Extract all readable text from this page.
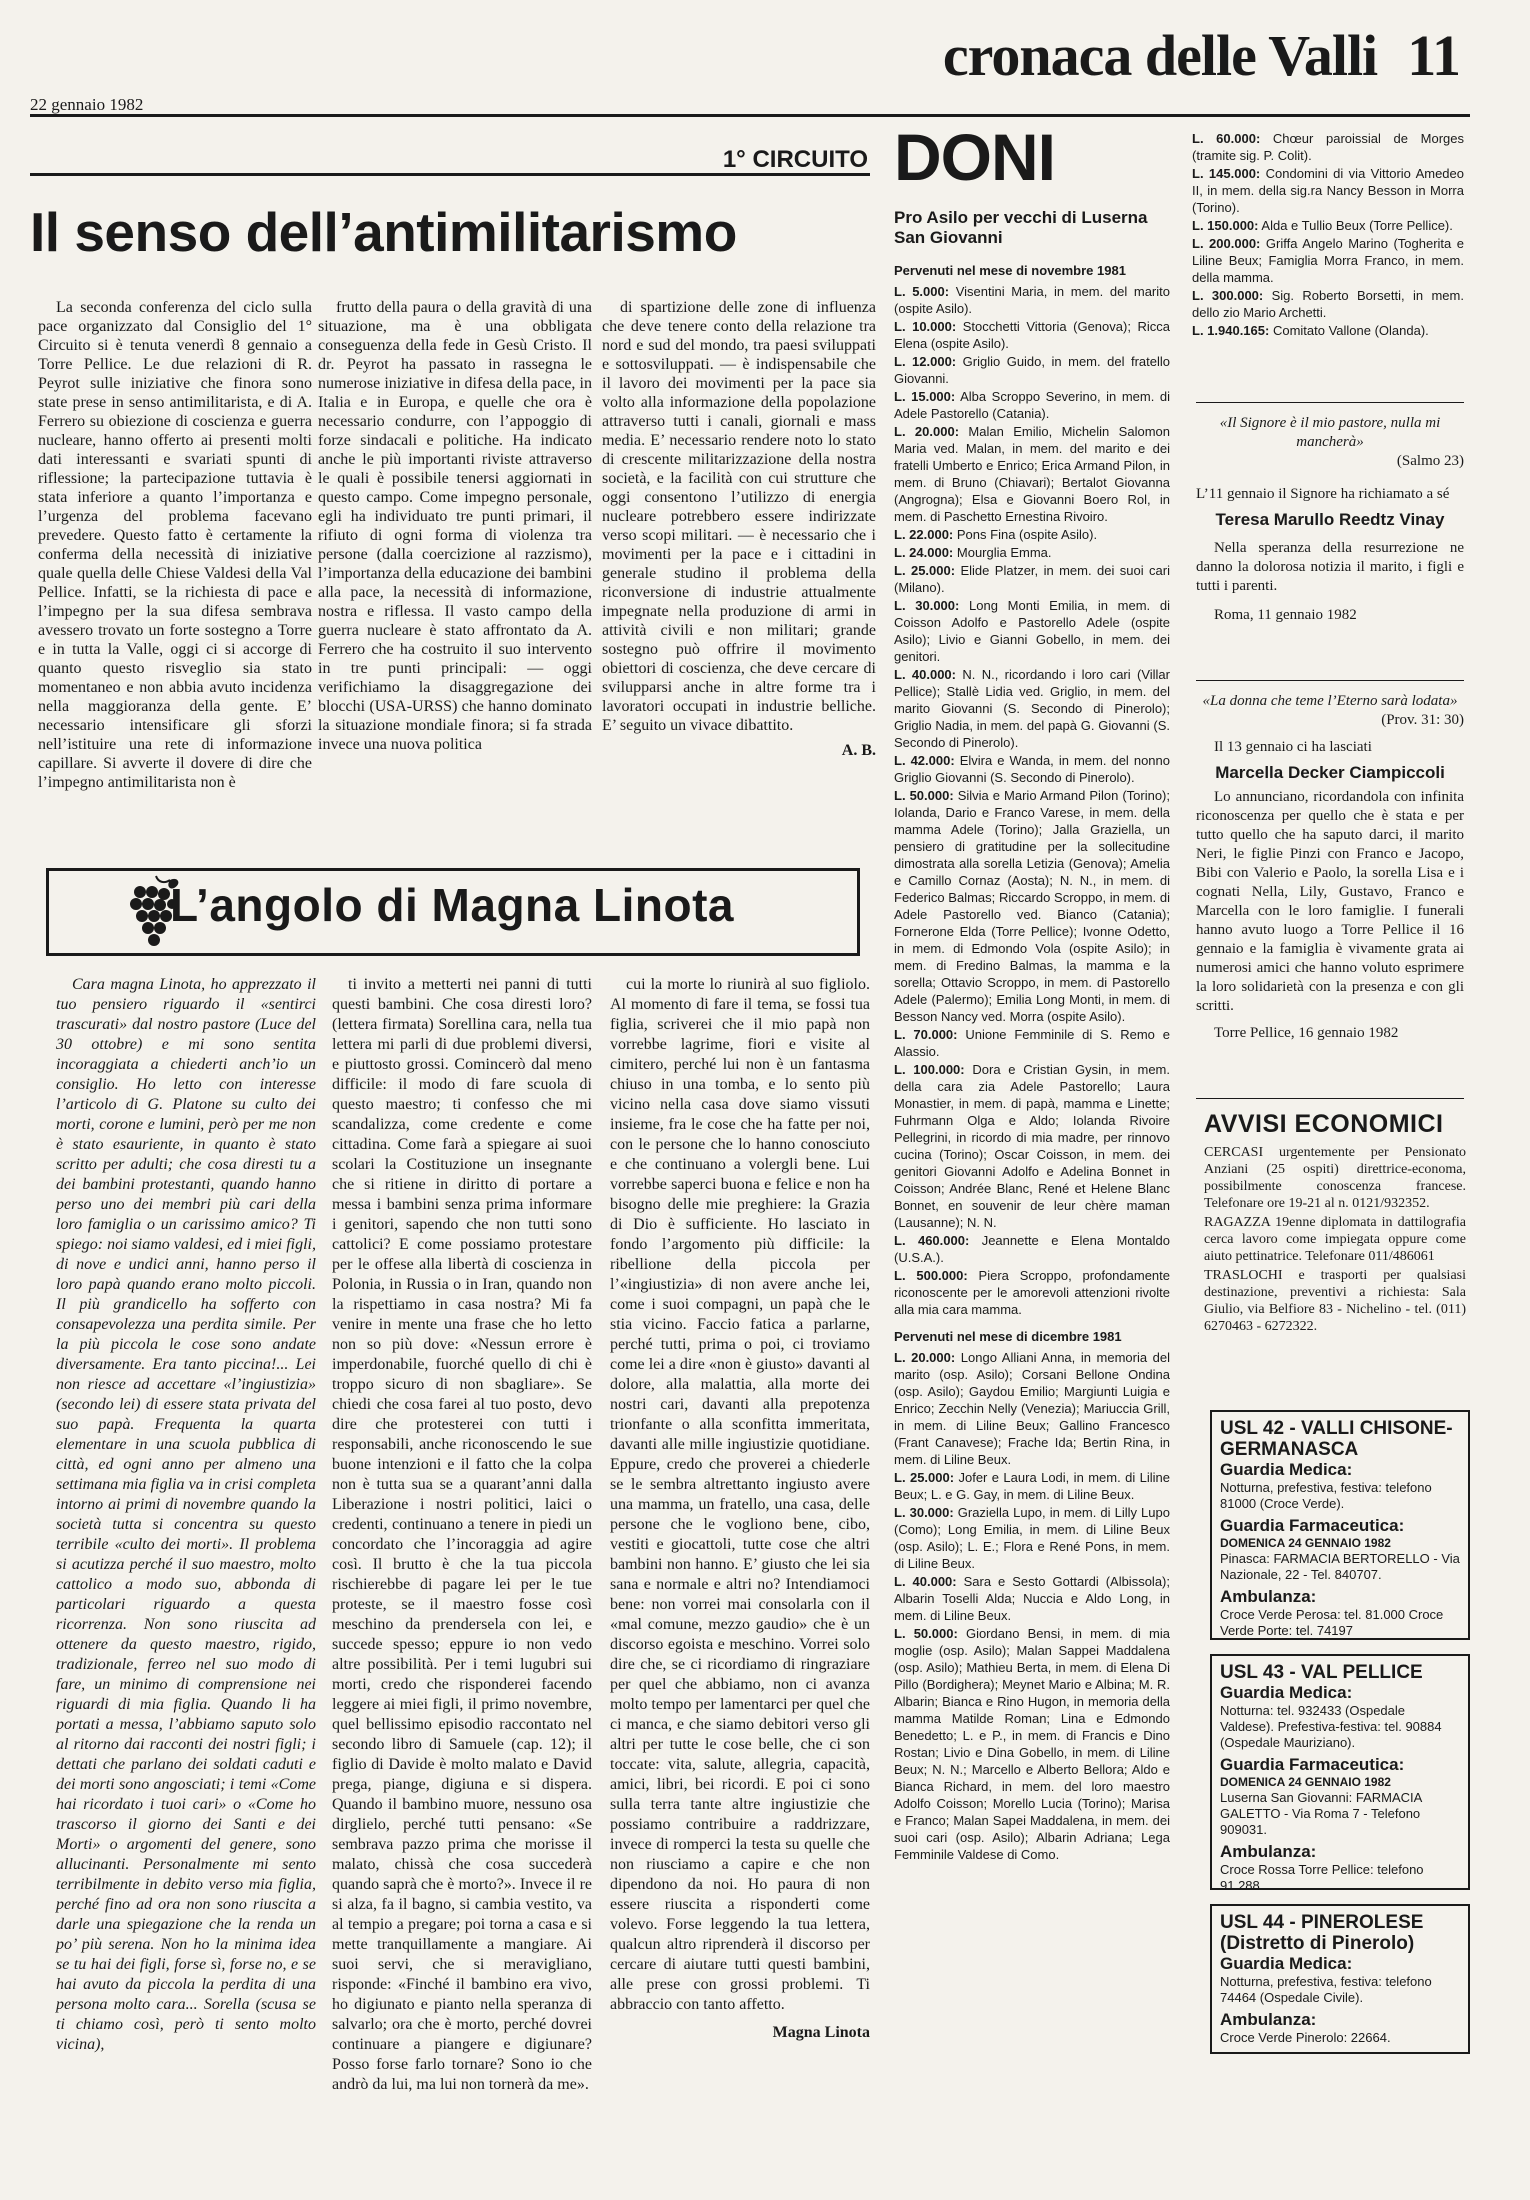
cronaca delle Valli 11
22 gennaio 1982
1° CIRCUITO
Il senso dell’antimilitarismo

La seconda conferenza del ciclo sulla pace organizzato dal Consiglio del 1° Circuito si è tenuta venerdì 8 gennaio a Torre Pellice. Le due relazioni di R. Peyrot sulle iniziative che finora sono state prese in senso antimilitarista, e di A. Ferrero su obiezione di coscienza e guerra nucleare, hanno offerto ai presenti molti dati interessanti e svariati spunti di riflessione; la partecipazione tuttavia è stata inferiore a quanto l’importanza e l’urgenza del problema facevano prevedere. Questo fatto è certamente la conferma della necessità di iniziative quale quella delle Chiese Valdesi della Val Pellice. Infatti, se la richiesta di pace e l’impegno per la sua difesa sembrava avessero trovato un forte sostegno a Torre e in tutta la Valle, oggi ci si accorge di quanto questo risveglio sia stato momentaneo e non abbia avuto incidenza nella maggioranza della gente. E’ necessario intensificare gli sforzi nell’istituire una rete di informazione capillare. Si avverte il dovere di dire che l’impegno antimilitarista non è

frutto della paura o della gravità di una situazione, ma è una obbligata conseguenza della fede in Gesù Cristo. Il dr. Peyrot ha passato in rassegna le numerose iniziative in difesa della pace, in Italia e in Europa, e quelle che ora è necessario condurre, con l’appoggio di forze sindacali e politiche. Ha indicato anche le più importanti riviste attraverso le quali è possibile tenersi aggiornati in questo campo. Come impegno personale, egli ha individuato tre punti primari, il rifiuto di ogni forma di violenza tra persone (dalla coercizione al razzismo), l’importanza della educazione dei bambini alla pace, la necessità di informazione, nostra e riflessa. Il vasto campo della guerra nucleare è stato affrontato da A. Ferrero che ha costruito il suo intervento in tre punti principali: — oggi verifichiamo la disaggregazione dei blocchi (USA-URSS) che hanno dominato la situazione mondiale finora; si fa strada invece una nuova politica

di spartizione delle zone di influenza che deve tenere conto della relazione tra nord e sud del mondo, tra paesi sviluppati e sottosviluppati. — è indispensabile che il lavoro dei movimenti per la pace sia volto alla informazione della popolazione attraverso tutti i canali, giornali e mass media. E’ necessario rendere noto lo stato di crescente militarizzazione della nostra società, e la facilità con cui strutture che oggi consentono l’utilizzo di energia nucleare potrebbero essere indirizzate verso scopi militari. — è necessario che i movimenti per la pace e i cittadini in generale studino il problema della riconversione di industrie attualmente impegnate nella produzione di armi in attività civili e non militari; grande sostegno può offrire il movimento obiettori di coscienza, che deve cercare di svilupparsi anche in altre forme tra i lavoratori occupati in industrie belliche. E’ seguito un vivace dibattito.

A. B.
L’angolo di Magna Linota

Cara magna Linota, ho apprezzato il tuo pensiero riguardo il «sentirci trascurati» dal nostro pastore (Luce del 30 ottobre) e mi sono sentita incoraggiata a chiederti anch’io un consiglio. Ho letto con interesse l’articolo di G. Platone su culto dei morti, corone e lumini, però per me non è stato esauriente, in quanto è stato scritto per adulti; che cosa diresti tu a dei bambini protestanti, quando hanno perso uno dei membri più cari della loro famiglia o un carissimo amico? Ti spiego: noi siamo valdesi, ed i miei figli, di nove e undici anni, hanno perso il loro papà quando erano molto piccoli. Il più grandicello ha sofferto con consapevolezza una perdita simile. Per la più piccola le cose sono andate diversamente. Era tanto piccina!... Lei non riesce ad accettare «l’ingiustizia» (secondo lei) di essere stata privata del suo papà. Frequenta la quarta elementare in una scuola pubblica di città, ed ogni anno per almeno una settimana mia figlia va in crisi completa intorno ai primi di novembre quando la società tutta si concentra su questo terribile «culto dei morti». Il problema si acutizza perché il suo maestro, molto cattolico a modo suo, abbonda di particolari riguardo a questa ricorrenza. Non sono riuscita ad ottenere da questo maestro, rigido, tradizionale, ferreo nel suo modo di fare, un minimo di comprensione nei riguardi di mia figlia. Quando li ha portati a messa, l’abbiamo saputo solo al ritorno dai racconti dei nostri figli; i dettati che parlano dei soldati caduti e dei morti sono angosciati; i temi «Come hai ricordato i tuoi cari» o «Come ho trascorso il giorno dei Santi e dei Morti» o argomenti del genere, sono allucinanti. Personalmente mi sento terribilmente in debito verso mia figlia, perché fino ad ora non sono riuscita a darle una spiegazione che la renda un po’ più serena. Non ho la minima idea se tu hai dei figli, forse sì, forse no, e se hai avuto da piccola la perdita di una persona molto cara... Sorella (scusa se ti chiamo così, però ti sento molto vicina),

ti invito a metterti nei panni di tutti questi bambini. Che cosa diresti loro? (lettera firmata) Sorellina cara, nella tua lettera mi parli di due problemi diversi, e piuttosto grossi. Comincerò dal meno difficile: il modo di fare scuola di questo maestro; ti confesso che mi scandalizza, come credente e come cittadina. Come farà a spiegare ai suoi scolari la Costituzione un insegnante che si ritiene in diritto di portare a messa i bambini senza prima informare i genitori, sapendo che non tutti sono cattolici? E come possiamo protestare per le offese alla libertà di coscienza in Polonia, in Russia o in Iran, quando non la rispettiamo in casa nostra? Mi fa venire in mente una frase che ho letto non so più dove: «Nessun errore è imperdonabile, fuorché quello di chi è troppo sicuro di non sbagliare». Se chiedi che cosa farei al tuo posto, devo dire che protesterei con tutti i responsabili, anche riconoscendo le sue buone intenzioni e il fatto che la colpa non è tutta sua se a quarant’anni dalla Liberazione i nostri politici, laici o credenti, continuano a tenere in piedi un concordato che l’incoraggia ad agire così. Il brutto è che la tua piccola rischierebbe di pagare lei per le tue proteste, se il maestro fosse così meschino da prendersela con lei, e succede spesso; eppure io non vedo altre possibilità. Per i temi lugubri sui morti, credo che risponderei facendo leggere ai miei figli, il primo novembre, quel bellissimo episodio raccontato nel secondo libro di Samuele (cap. 12); il figlio di Davide è molto malato e David prega, piange, digiuna e si dispera. Quando il bambino muore, nessuno osa dirglielo, perché tutti pensano: «Se sembrava pazzo prima che morisse il malato, chissà che cosa succederà quando saprà che è morto?». Invece il re si alza, fa il bagno, si cambia vestito, va al tempio a pregare; poi torna a casa e si mette tranquillamente a mangiare. Ai suoi servi, che si meravigliano, risponde: «Finché il bambino era vivo, ho digiunato e pianto nella speranza di salvarlo; ora che è morto, perché dovrei continuare a piangere e digiunare? Posso forse farlo tornare? Sono io che andrò da lui, ma lui non tornerà da me».

cui la morte lo riunirà al suo figliolo. Al momento di fare il tema, se fossi tua figlia, scriverei che il mio papà non vorrebbe lagrime, fiori e visite al cimitero, perché lui non è un fantasma chiuso in una tomba, e lo sento più vicino nella casa dove siamo vissuti insieme, fra le cose che ha fatte per noi, con le persone che lo hanno conosciuto e che continuano a volergli bene. Lui vorrebbe saperci buona e felice e non ha bisogno delle mie preghiere: la Grazia di Dio è sufficiente. Ho lasciato in fondo l’argomento più difficile: la ribellione della piccola per l’«ingiustizia» di non avere anche lei, come i suoi compagni, un papà che le stia vicino. Faccio fatica a parlarne, perché tutti, prima o poi, ci troviamo come lei a dire «non è giusto» davanti al dolore, alla malattia, alla morte dei nostri cari, davanti alla prepotenza trionfante o alla sconfitta immeritata, davanti alle mille ingiustizie quotidiane. Eppure, credo che proverei a chiederle se le sembra altrettanto ingiusto avere una mamma, un fratello, una casa, delle persone che le vogliono bene, cibo, vestiti e giocattoli, tutte cose che altri bambini non hanno. E’ giusto che lei sia sana e normale e altri no? Intendiamoci bene: non vorrei mai consolarla con il «mal comune, mezzo gaudio» che è un discorso egoista e meschino. Vorrei solo dire che, se ci ricordiamo di ringraziare per quel che abbiamo, non ci avanza molto tempo per lamentarci per quel che ci manca, e che siamo debitori verso gli altri per tutte le cose belle, che ci son toccate: vita, salute, allegria, capacità, amici, libri, bei ricordi. E poi ci sono sulla terra tante altre ingiustizie che possiamo contribuire a raddrizzare, invece di romperci la testa su quelle che non riusciamo a capire e che non dipendono da noi. Ho paura di non essere riuscita a risponderti come volevo. Forse leggendo la tua lettera, qualcun altro riprenderà il discorso per cercare di aiutare tutti questi bambini, alle prese con grossi problemi. Ti abbraccio con tanto affetto.

Magna Linota
DONI
Pro Asilo per vecchi di Luserna San Giovanni
Pervenuti nel mese di novembre 1981
L. 5.000: Visentini Maria, in mem. del marito (ospite Asilo).
L. 10.000: Stocchetti Vittoria (Genova); Ricca Elena (ospite Asilo).
L. 12.000: Griglio Guido, in mem. del fratello Giovanni.
L. 15.000: Alba Scroppo Severino, in mem. di Adele Pastorello (Catania).
L. 20.000: Malan Emilio, Michelin Salomon Maria ved. Malan, in mem. del marito e dei fratelli Umberto e Enrico; Erica Armand Pilon, in mem. di Bruno (Chiavari); Bertalot Giovanna (Angrogna); Elsa e Giovanni Boero Rol, in mem. di Paschetto Ernestina Rivoiro.
L. 22.000: Pons Fina (ospite Asilo).
L. 24.000: Mourglia Emma.
L. 25.000: Elide Platzer, in mem. dei suoi cari (Milano).
L. 30.000: Long Monti Emilia, in mem. di Coisson Adolfo e Pastorello Adele (ospite Asilo); Livio e Gianni Gobello, in mem. dei genitori.
L. 40.000: N. N., ricordando i loro cari (Villar Pellice); Stallè Lidia ved. Griglio, in mem. del marito Giovanni (S. Secondo di Pinerolo); Griglio Nadia, in mem. del papà G. Giovanni (S. Secondo di Pinerolo).
L. 42.000: Elvira e Wanda, in mem. del nonno Griglio Giovanni (S. Secondo di Pinerolo).
L. 50.000: Silvia e Mario Armand Pilon (Torino); Iolanda, Dario e Franco Varese, in mem. della mamma Adele (Torino); Jalla Graziella, un pensiero di gratitudine per la sollecitudine dimostrata alla sorella Letizia (Genova); Amelia e Camillo Cornaz (Aosta); N. N., in mem. di Federico Balmas; Riccardo Scroppo, in mem. di Adele Pastorello ved. Bianco (Catania); Fornerone Elda (Torre Pellice); Ivonne Odetto, in mem. di Edmondo Vola (ospite Asilo); in mem. di Fredino Balmas, la mamma e la sorella; Ottavio Scroppo, in mem. di Pastorello Adele (Palermo); Emilia Long Monti, in mem. di Besson Nancy ved. Morra (ospite Asilo).
L. 70.000: Unione Femminile di S. Remo e Alassio.
L. 100.000: Dora e Cristian Gysin, in mem. della cara zia Adele Pastorello; Laura Monastier, in mem. di papà, mamma e Linette; Fuhrmann Olga e Aldo; Iolanda Rivoire Pellegrini, in ricordo di mia madre, per rinnovo cucina (Torino); Oscar Coisson, in mem. dei genitori Giovanni Adolfo e Adelina Bonnet in Coisson; Andrée Blanc, René et Helene Blanc Bonnet, en souvenir de leur chère maman (Lausanne); N. N.
L. 460.000: Jeannette e Elena Montaldo (U.S.A.).
L. 500.000: Piera Scroppo, profondamente riconoscente per le amorevoli attenzioni rivolte alla mia cara mamma.
Pervenuti nel mese di dicembre 1981
L. 20.000: Longo Alliani Anna, in memoria del marito (osp. Asilo); Corsani Bellone Ondina (osp. Asilo); Gaydou Emilio; Margiunti Luigia e Enrico; Zecchin Nelly (Venezia); Mariuccia Grill, in mem. di Liline Beux; Gallino Francesco (Frant Canavese); Frache Ida; Bertin Rina, in mem. di Liline Beux.
L. 25.000: Jofer e Laura Lodi, in mem. di Liline Beux; L. e G. Gay, in mem. di Liline Beux.
L. 30.000: Graziella Lupo, in mem. di Lilly Lupo (Como); Long Emilia, in mem. di Liline Beux (osp. Asilo); L. E.; Flora e René Pons, in mem. di Liline Beux.
L. 40.000: Sara e Sesto Gottardi (Albissola); Albarin Toselli Alda; Nuccia e Aldo Long, in mem. di Liline Beux.
L. 50.000: Giordano Bensi, in mem. di mia moglie (osp. Asilo); Malan Sappei Maddalena (osp. Asilo); Mathieu Berta, in mem. di Elena Di Pillo (Bordighera); Meynet Mario e Albina; M. R. Albarin; Bianca e Rino Hugon, in memoria della mamma Matilde Roman; Lina e Edmondo Benedetto; L. e P., in mem. di Francis e Dino Rostan; Livio e Dina Gobello, in mem. di Liline Beux; N. N.; Marcello e Alberto Bellora; Aldo e Bianca Richard, in mem. del loro maestro Adolfo Coisson; Morello Lucia (Torino); Marisa e Franco; Malan Sapei Maddalena, in mem. dei suoi cari (osp. Asilo); Albarin Adriana; Lega Femminile Valdese di Como.
L. 60.000: Chœur paroissial de Morges (tramite sig. P. Colit).
L. 145.000: Condomini di via Vittorio Amedeo II, in mem. della sig.ra Nancy Besson in Morra (Torino).
L. 150.000: Alda e Tullio Beux (Torre Pellice).
L. 200.000: Griffa Angelo Marino (Togherita e Liline Beux; Famiglia Morra Franco, in mem. della mamma.
L. 300.000: Sig. Roberto Borsetti, in mem. dello zio Mario Archetti.
L. 1.940.165: Comitato Vallone (Olanda).
«Il Signore è il mio pastore, nulla mi mancherà»
(Salmo 23)
L’11 gennaio il Signore ha richiamato a sé
Teresa Marullo Reedtz Vinay
Nella speranza della resurrezione ne danno la dolorosa notizia il marito, i figli e tutti i parenti.
Roma, 11 gennaio 1982
«La donna che teme l’Eterno sarà lodata»
(Prov. 31: 30)
Il 13 gennaio ci ha lasciati
Marcella Decker Ciampiccoli
Lo annunciano, ricordandola con infinita riconoscenza per quello che è stata e per tutto quello che ha saputo darci, il marito Neri, le figlie Pinzi con Franco e Jacopo, Bibi con Valerio e Paolo, la sorella Lisa e i cognati Nella, Lily, Gustavo, Franco e Marcella con le loro famiglie. I funerali hanno avuto luogo a Torre Pellice il 16 gennaio e la famiglia è vivamente grata ai numerosi amici che hanno voluto esprimere la loro solidarietà con la presenza e con gli scritti.
Torre Pellice, 16 gennaio 1982
AVVISI ECONOMICI
CERCASI urgentemente per Pensionato Anziani (25 ospiti) direttrice-economa, possibilmente conoscenza francese. Telefonare ore 19-21 al n. 0121/932352.
RAGAZZA 19enne diplomata in dattilografia cerca lavoro come impiegata oppure come aiuto pettinatrice. Telefonare 011/486061
TRASLOCHI e trasporti per qualsiasi destinazione, preventivi a richiesta: Sala Giulio, via Belfiore 83 - Nichelino - tel. (011) 6270463 - 6272322.
USL 42 - VALLI CHISONE-GERMANASCA
Guardia Medica:
Notturna, prefestiva, festiva: telefono 81000 (Croce Verde).
Guardia Farmaceutica:
DOMENICA 24 GENNAIO 1982
Pinasca: FARMACIA BERTORELLO - Via Nazionale, 22 - Tel. 840707.
Ambulanza:
Croce Verde Perosa: tel. 81.000 Croce Verde Porte: tel. 74197
USL 43 - VAL PELLICE
Guardia Medica:
Notturna: tel. 932433 (Ospedale Valdese). Prefestiva-festiva: tel. 90884 (Ospedale Mauriziano).
Guardia Farmaceutica:
DOMENICA 24 GENNAIO 1982
Luserna San Giovanni: FARMACIA GALETTO - Via Roma 7 - Telefono 909031.
Ambulanza:
Croce Rossa Torre Pellice: telefono 91.288.
USL 44 - PINEROLESE (Distretto di Pinerolo)
Guardia Medica:
Notturna, prefestiva, festiva: telefono 74464 (Ospedale Civile).
Ambulanza:
Croce Verde Pinerolo: 22664.
